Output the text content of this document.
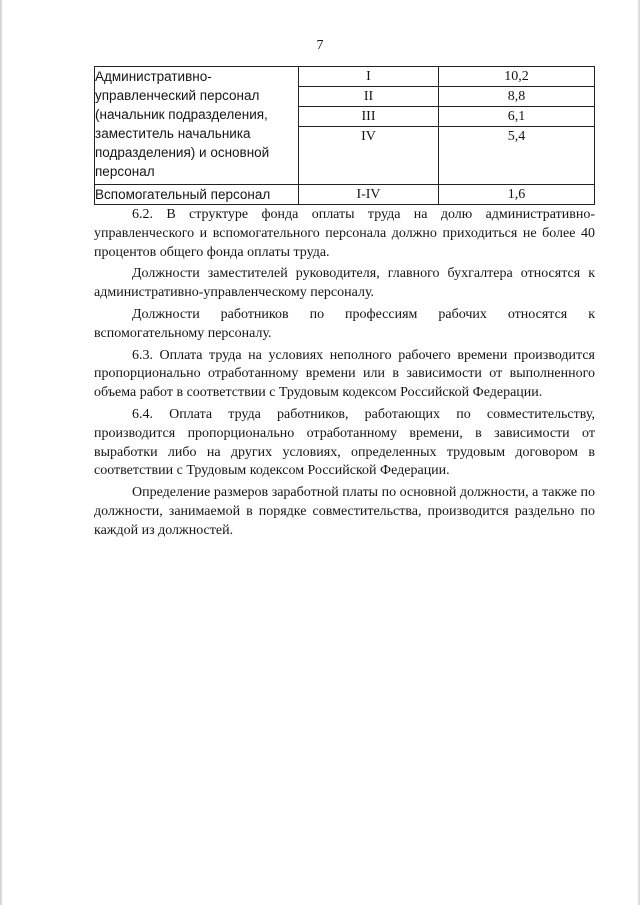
7
Административно-управленческий персонал (начальник подразделения, заместитель начальника подразделения) и основной персонал	I	10,2
	II	8,8
	III	6,1
	IV	5,4
Вспомогательный персонал	I-IV	1,6

6.2. В структуре фонда оплаты труда на долю административно-управленческого и вспомогательного персонала должно приходиться не более 40 процентов общего фонда оплаты труда.

Должности заместителей руководителя, главного бухгалтера относятся к административно-управленческому персоналу.

Должности работников по профессиям рабочих относятся к вспомогательному персоналу.

6.3. Оплата труда на условиях неполного рабочего времени производится пропорционально отработанному времени или в зависимости от выполненного объема работ в соответствии с Трудовым кодексом Российской Федерации.

6.4. Оплата труда работников, работающих по совместительству, производится пропорционально отработанному времени, в зависимости от выработки либо на других условиях, определенных трудовым договором в соответствии с Трудовым кодексом Российской Федерации.

Определение размеров заработной платы по основной должности, а также по должности, занимаемой в порядке совместительства, производится раздельно по каждой из должностей.
